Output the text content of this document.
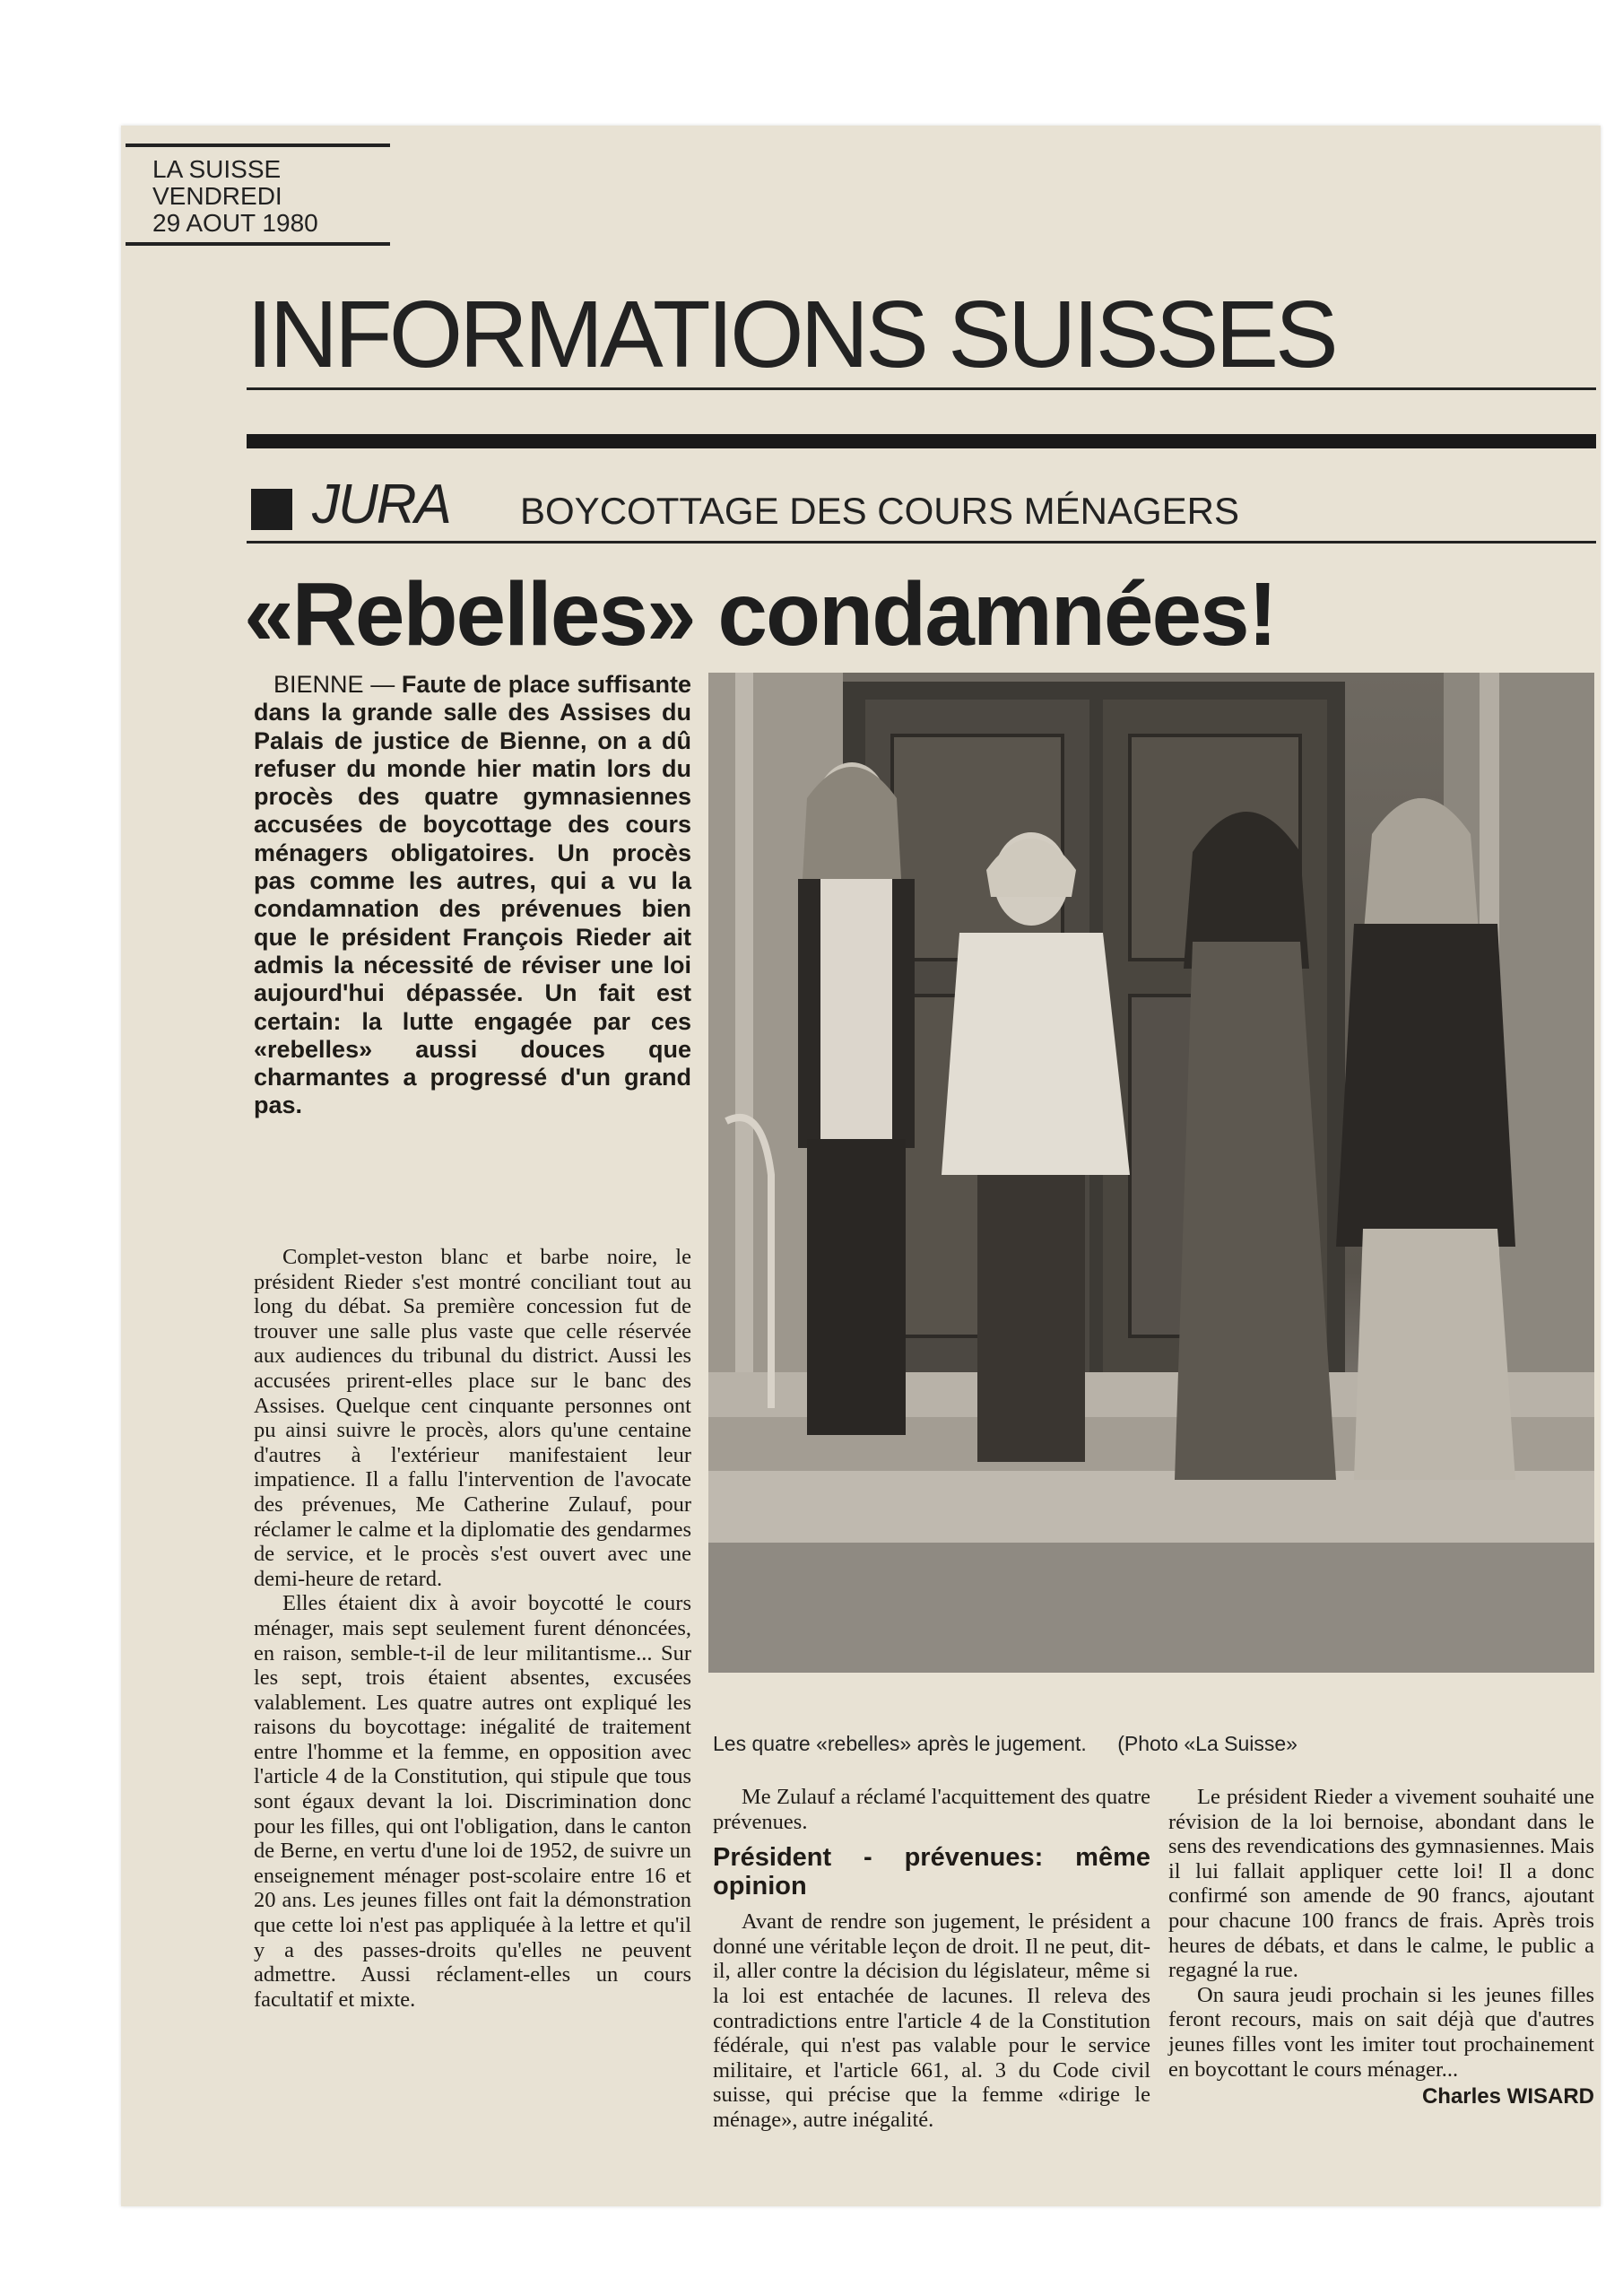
LA SUISSE
VENDREDI
29 AOUT 1980
INFORMATIONS SUISSES
JURA BOYCOTTAGE DES COURS MÉNAGERS
«Rebelles» condamnées!
BIENNE — Faute de place suffisante dans la grande salle des Assises du Palais de justice de Bienne, on a dû refuser du monde hier matin lors du procès des quatre gymnasiennes accusées de boycottage des cours ménagers obligatoires. Un procès pas comme les autres, qui a vu la condamnation des prévenues bien que le président François Rieder ait admis la nécessité de réviser une loi aujourd'hui dépassée. Un fait est certain: la lutte engagée par ces «rebelles» aussi douces que charmantes a progressé d'un grand pas.

Complet-veston blanc et barbe noire, le président Rieder s'est montré conciliant tout au long du débat. Sa première concession fut de trouver une salle plus vaste que celle réservée aux audiences du tribunal du district. Aussi les accusées prirent-elles place sur le banc des Assises. Quelque cent cinquante personnes ont pu ainsi suivre le procès, alors qu'une centaine d'autres à l'extérieur manifestaient leur impatience. Il a fallu l'intervention de l'avocate des prévenues, Me Catherine Zulauf, pour réclamer le calme et la diplomatie des gendarmes de service, et le procès s'est ouvert avec une demi-heure de retard.

Elles étaient dix à avoir boycotté le cours ménager, mais sept seulement furent dénoncées, en raison, semble-t-il de leur militantisme... Sur les sept, trois étaient absentes, excusées valablement. Les quatre autres ont expliqué les raisons du boycottage: inégalité de traitement entre l'homme et la femme, en opposition avec l'article 4 de la Constitution, qui stipule que tous sont égaux devant la loi. Discrimination donc pour les filles, qui ont l'obligation, dans le canton de Berne, en vertu d'une loi de 1952, de suivre un enseignement ménager post-scolaire entre 16 et 20 ans. Les jeunes filles ont fait la démonstration que cette loi n'est pas appliquée à la lettre et qu'il y a des passes-droits qu'elles ne peuvent admettre. Aussi réclament-elles un cours facultatif et mixte.

Les quatre «rebelles» après le jugement. (Photo «La Suisse»

Me Zulauf a réclamé l'acquittement des quatre prévenues.

Président - prévenues: même opinion

Avant de rendre son jugement, le président a donné une véritable leçon de droit. Il ne peut, dit-il, aller contre la décision du législateur, même si la loi est entachée de lacunes. Il releva des contradictions entre l'article 4 de la Constitution fédérale, qui n'est pas valable pour le service militaire, et l'article 661, al. 3 du Code civil suisse, qui précise que la femme «dirige le ménage», autre inégalité.

Le président Rieder a vivement souhaité une révision de la loi bernoise, abondant dans le sens des revendications des gymnasiennes. Mais il lui fallait appliquer cette loi! Il a donc confirmé son amende de 90 francs, ajoutant pour chacune 100 francs de frais. Après trois heures de débats, et dans le calme, le public a regagné la rue.

On saura jeudi prochain si les jeunes filles feront recours, mais on sait déjà que d'autres jeunes filles vont les imiter tout prochainement en boycottant le cours ménager...

Charles WISARD
